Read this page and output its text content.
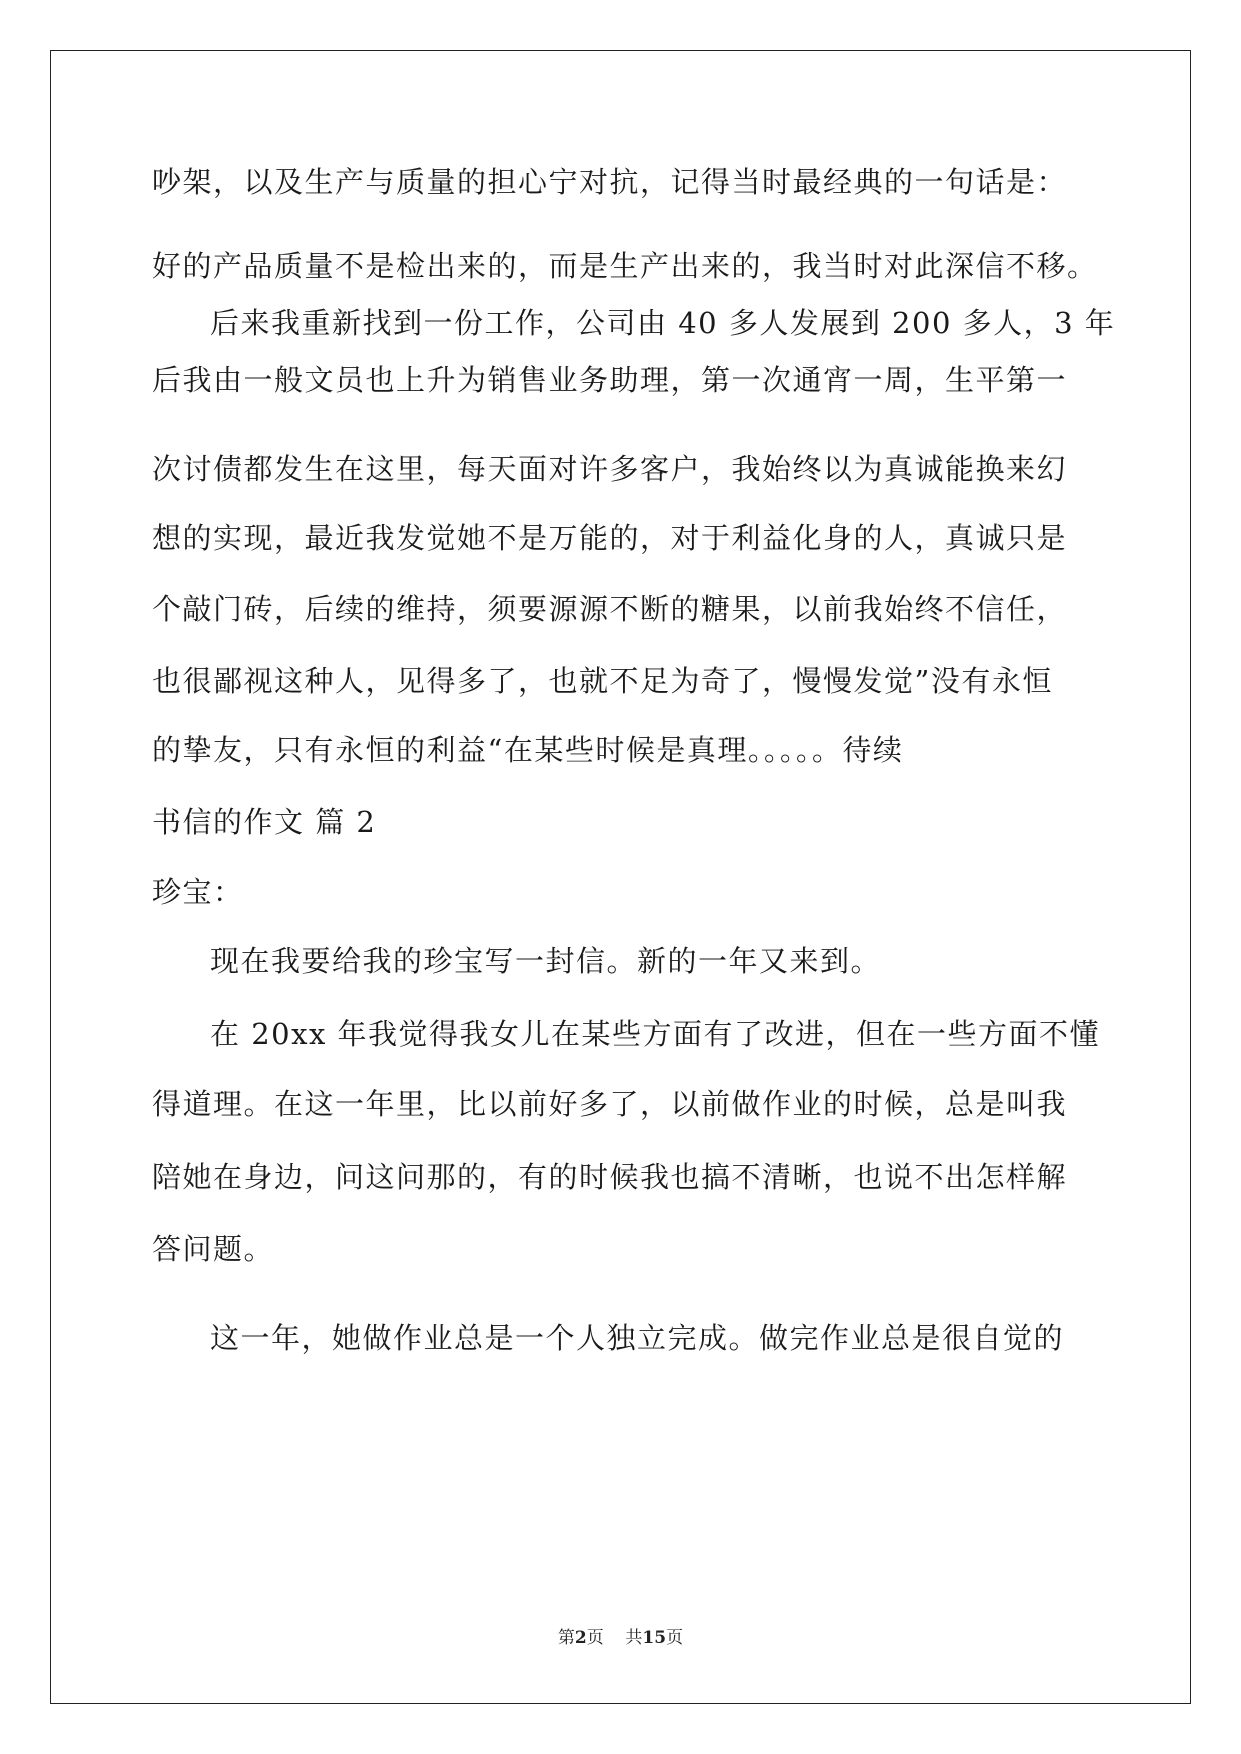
吵架，以及生产与质量的担心宁对抗，记得当时最经典的一句话是：
好的产品质量不是检出来的，而是生产出来的，我当时对此深信不移。
后来我重新找到一份工作，公司由 40 多人发展到 200 多人，3 年
后我由一般文员也上升为销售业务助理，第一次通宵一周，生平第一
次讨债都发生在这里，每天面对许多客户，我始终以为真诚能换来幻
想的实现，最近我发觉她不是万能的，对于利益化身的人，真诚只是
个敲门砖，后续的维持，须要源源不断的糖果，以前我始终不信任，
也很鄙视这种人，见得多了，也就不足为奇了，慢慢发觉”没有永恒
的挚友，只有永恒的利益“在某些时候是真理。。。。。待续
书信的作文 篇 2
珍宝：
现在我要给我的珍宝写一封信。新的一年又来到。
在 20xx 年我觉得我女儿在某些方面有了改进，但在一些方面不懂
得道理。在这一年里，比以前好多了，以前做作业的时候，总是叫我
陪她在身边，问这问那的，有的时候我也搞不清晰，也说不出怎样解
答问题。
这一年，她做作业总是一个人独立完成。做完作业总是很自觉的
第2页    共15页
